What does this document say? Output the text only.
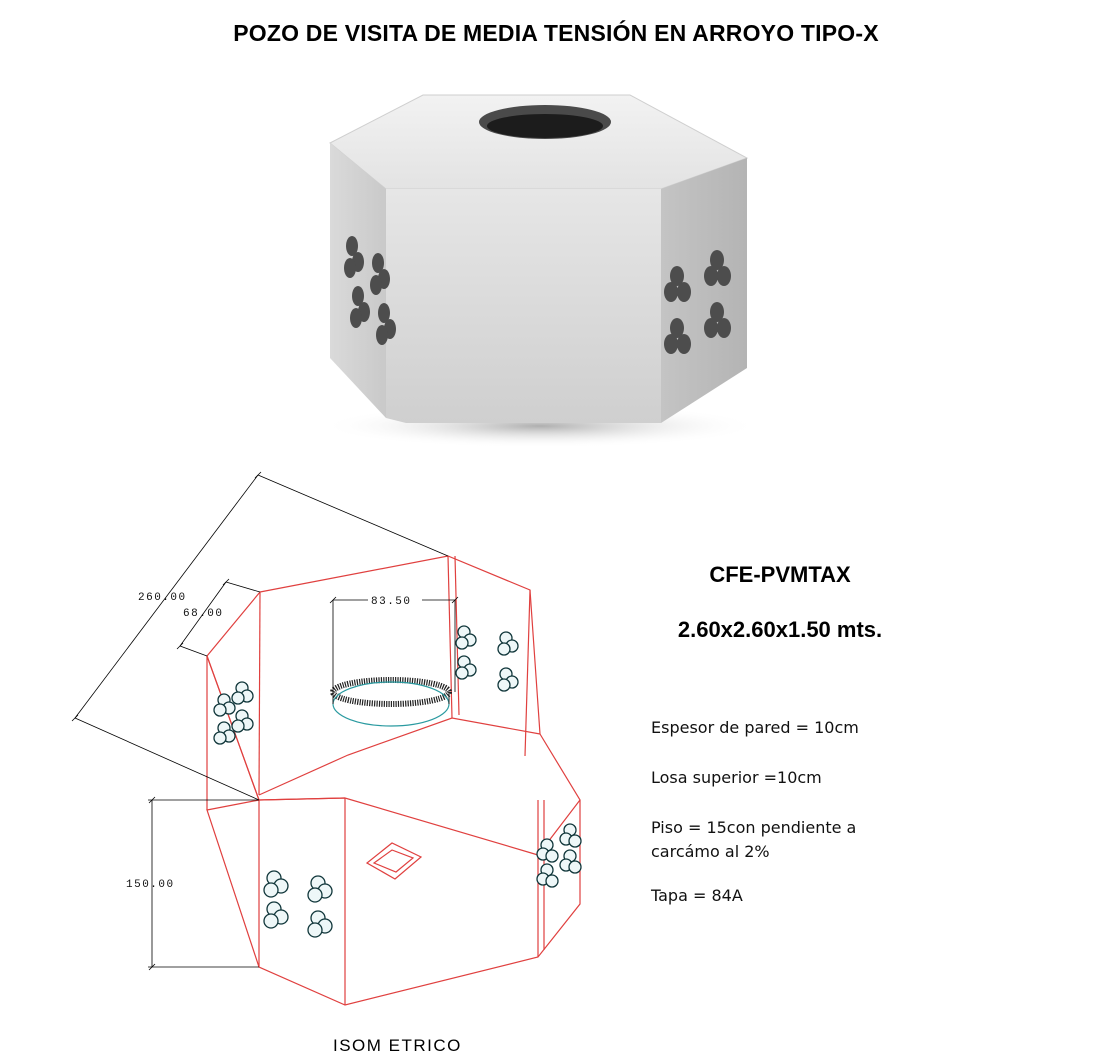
POZO DE VISITA DE MEDIA TENSIÓN EN ARROYO TIPO-X
260.00
68.00
83.50
150.00
CFE-PVMTAX
2.60x2.60x1.50 mts.
Espesor de pared = 10cm
Losa superior =10cm
Piso = 15con pendiente a
carcámo al 2%
Tapa = 84A
ISOM ETRICO
